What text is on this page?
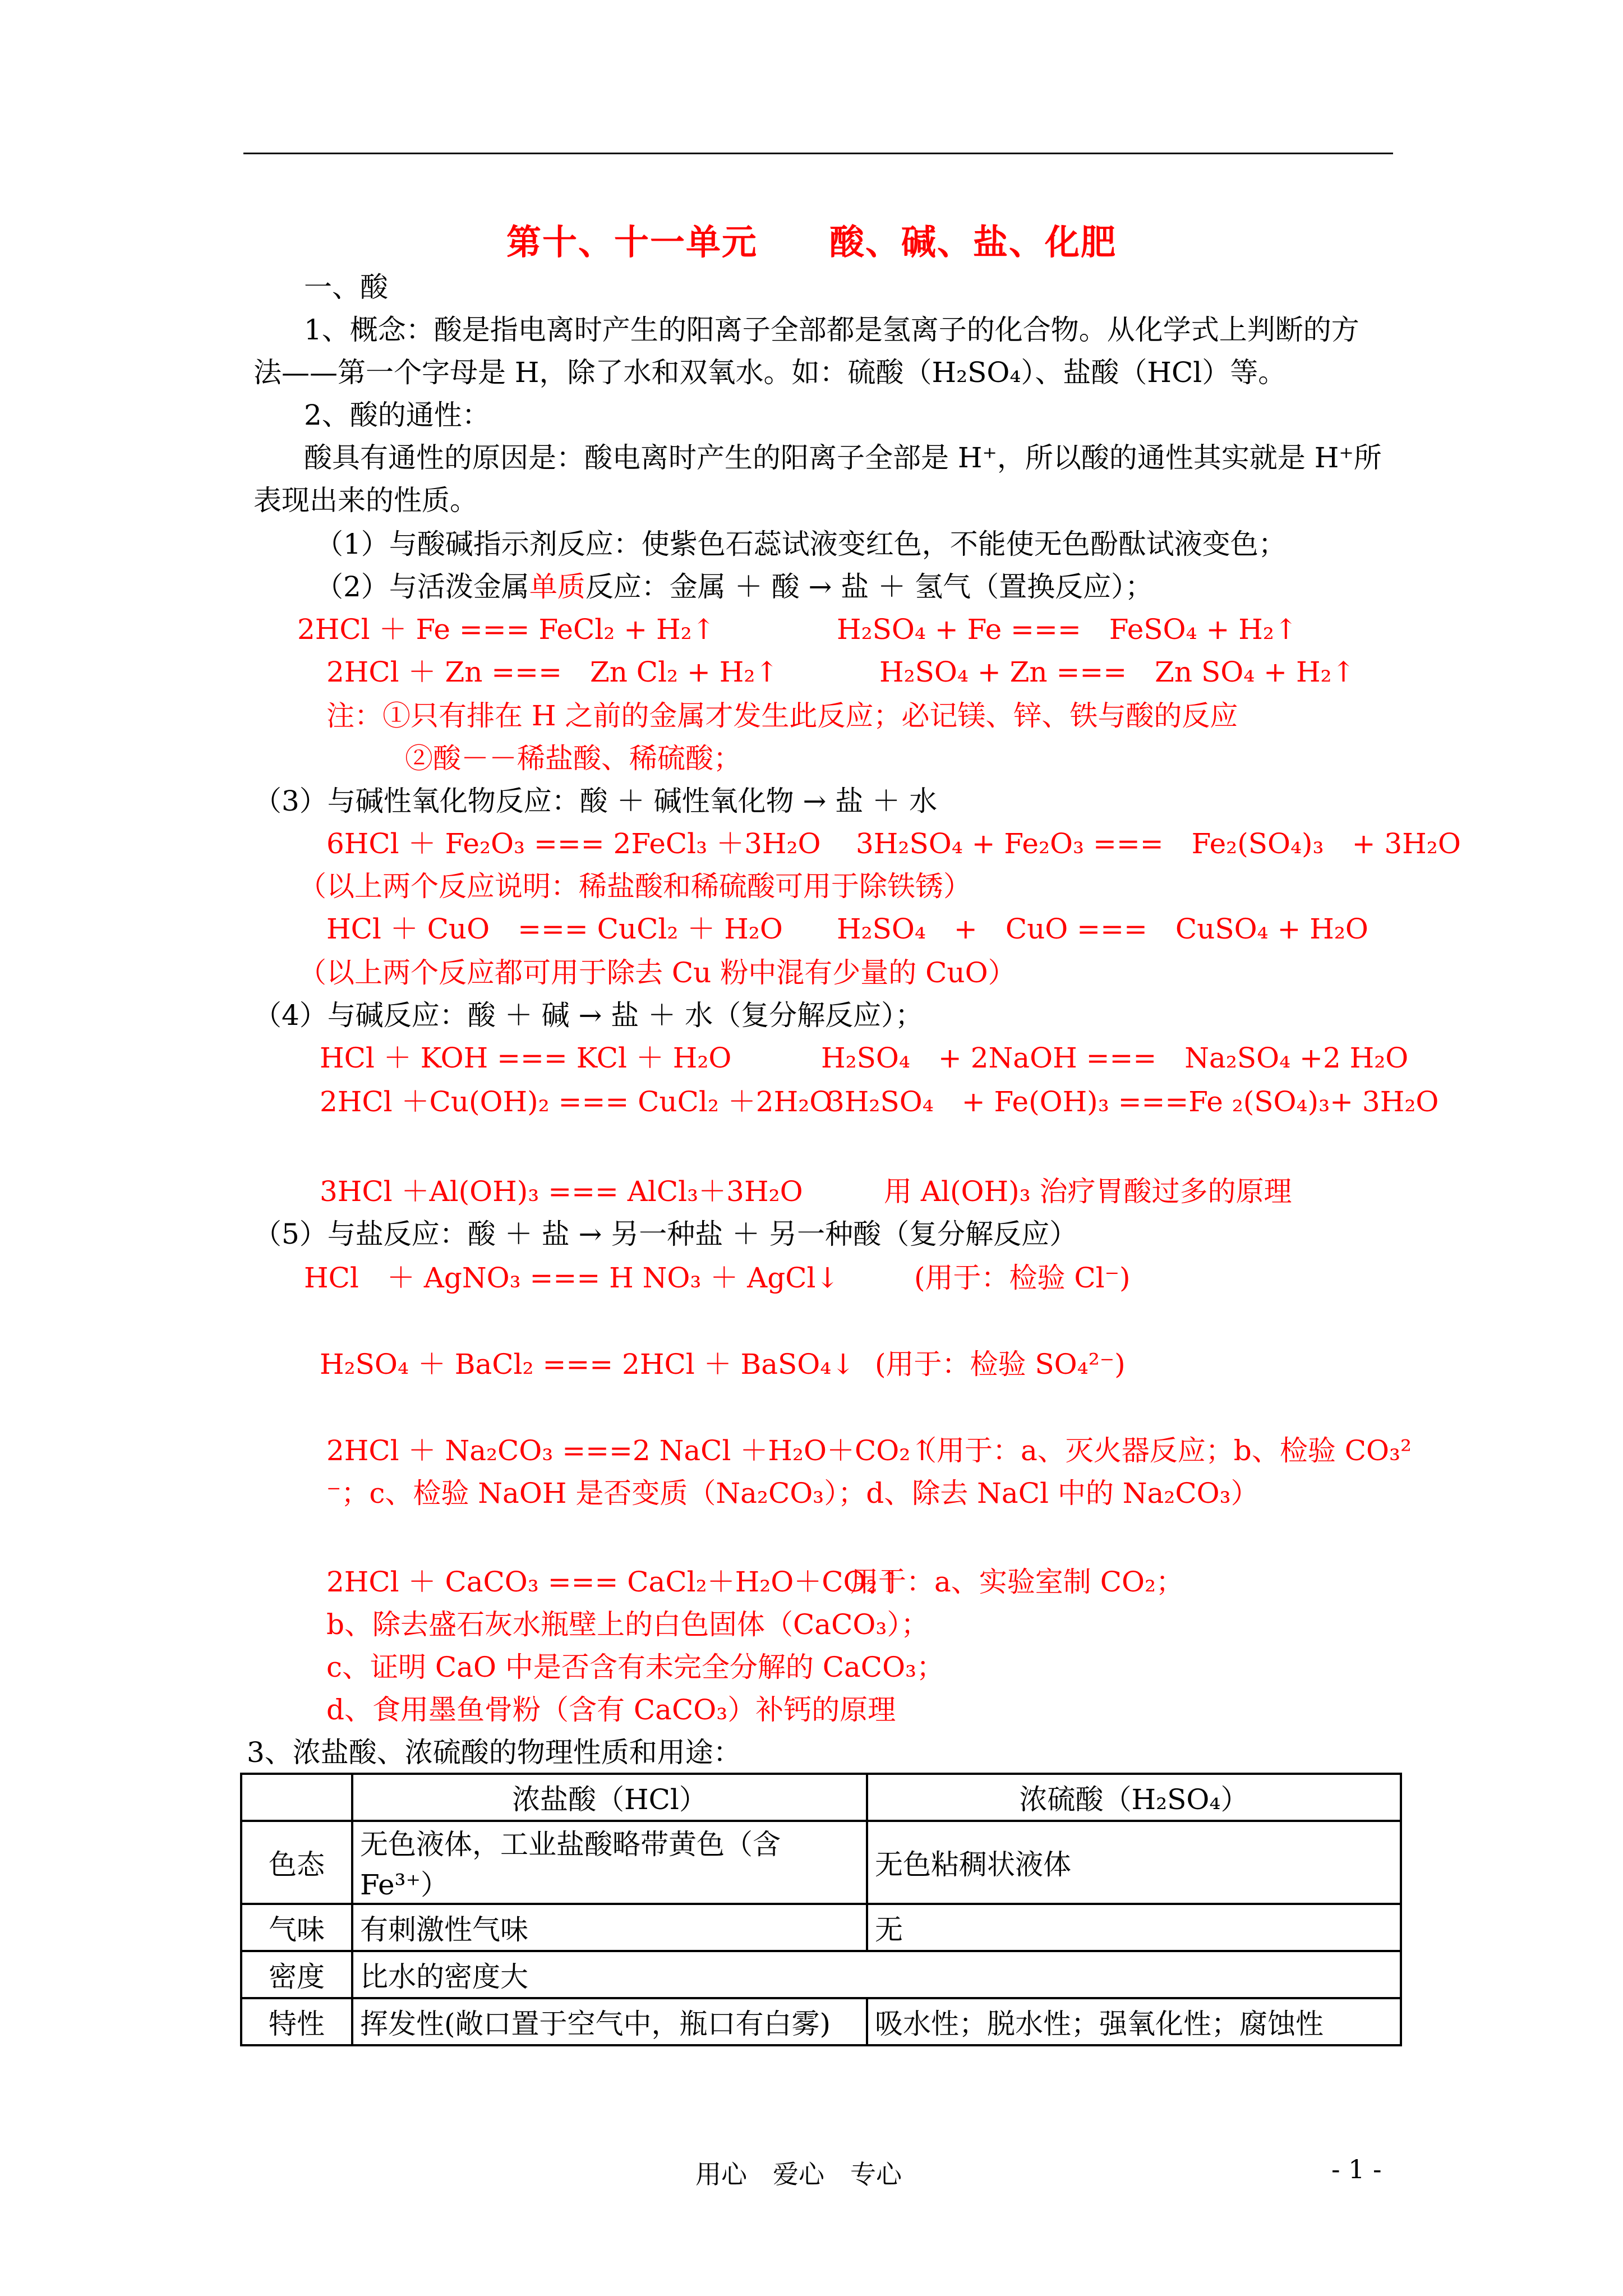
第十、十一单元　　酸、碱、盐、化肥
一、酸
1、概念：酸是指电离时产生的阳离子全部都是氢离子的化合物。从化学式上判断的方
法——第一个字母是 H，除了水和双氧水。如：硫酸（H₂SO₄）、盐酸（HCl）等。
2、酸的通性：
酸具有通性的原因是：酸电离时产生的阳离子全部是 H⁺，所以酸的通性其实就是 H⁺所
表现出来的性质。
（1）与酸碱指示剂反应：使紫色石蕊试液变红色，不能使无色酚酞试液变色；
（2）与活泼金属单质反应：金属 ＋ 酸 → 盐 ＋ 氢气（置换反应）；
2HCl ＋ Fe === FeCl₂ + H₂↑	H₂SO₄ + Fe ===　FeSO₄ + H₂↑
2HCl ＋ Zn ===　Zn Cl₂ + H₂↑	H₂SO₄ + Zn ===　Zn SO₄ + H₂↑
注：①只有排在 H 之前的金属才发生此反应；必记镁、锌、铁与酸的反应
②酸－－稀盐酸、稀硫酸；
（3）与碱性氧化物反应：酸 ＋ 碱性氧化物 → 盐 ＋ 水
6HCl ＋ Fe₂O₃ === 2FeCl₃ ＋3H₂O 3H₂SO₄ + Fe₂O₃ ===　Fe₂(SO₄)₃　+ 3H₂O
（以上两个反应说明：稀盐酸和稀硫酸可用于除铁锈）
HCl ＋ CuO　=== CuCl₂ ＋ H₂O H₂SO₄　+　CuO ===　CuSO₄ + H₂O
（以上两个反应都可用于除去 Cu 粉中混有少量的 CuO）
（4）与碱反应：酸 ＋ 碱 → 盐 ＋ 水（复分解反应）；
HCl ＋ KOH === KCl ＋ H₂O	H₂SO₄　+ 2NaOH ===　Na₂SO₄ +2 H₂O
2HCl ＋Cu(OH)₂ === CuCl₂ ＋2H₂O
3H₂SO₄　+ Fe(OH)₃ ===Fe ₂(SO₄)₃+ 3H₂O
3HCl ＋Al(OH)₃ === AlCl₃＋3H₂O	用 Al(OH)₃ 治疗胃酸过多的原理
（5）与盐反应：酸 ＋ 盐 → 另一种盐 ＋ 另一种酸（复分解反应）
HCl　＋ AgNO₃ === H NO₃ ＋ AgCl↓	(用于：检验 Cl⁻)
H₂SO₄ ＋ BaCl₂ === 2HCl ＋ BaSO₄↓ (用于：检验 SO₄²⁻)
2HCl ＋ Na₂CO₃ ===2 NaCl ＋H₂O＋CO₂↑
（用于：a、灭火器反应；b、检验 CO₃²
⁻；c、检验 NaOH 是否变质（Na₂CO₃）；d、除去 NaCl 中的 Na₂CO₃）
2HCl ＋ CaCO₃ === CaCl₂＋H₂O＋CO₂↑
用于：a、实验室制 CO₂；
b、除去盛石灰水瓶壁上的白色固体（CaCO₃）；
c、证明 CaO 中是否含有未完全分解的 CaCO₃；
d、食用墨鱼骨粉（含有 CaCO₃）补钙的原理
3、浓盐酸、浓硫酸的物理性质和用途：
	浓盐酸（HCl）	浓硫酸（H₂SO₄）
色态	无色液体，工业盐酸略带黄色（含 Fe³⁺）	无色粘稠状液体
气味	有刺激性气味	无
密度	比水的密度大	
特性	挥发性(敞口置于空气中，瓶口有白雾)	吸水性；脱水性；强氧化性；腐蚀性
用心　爱心　专心	- 1 -
